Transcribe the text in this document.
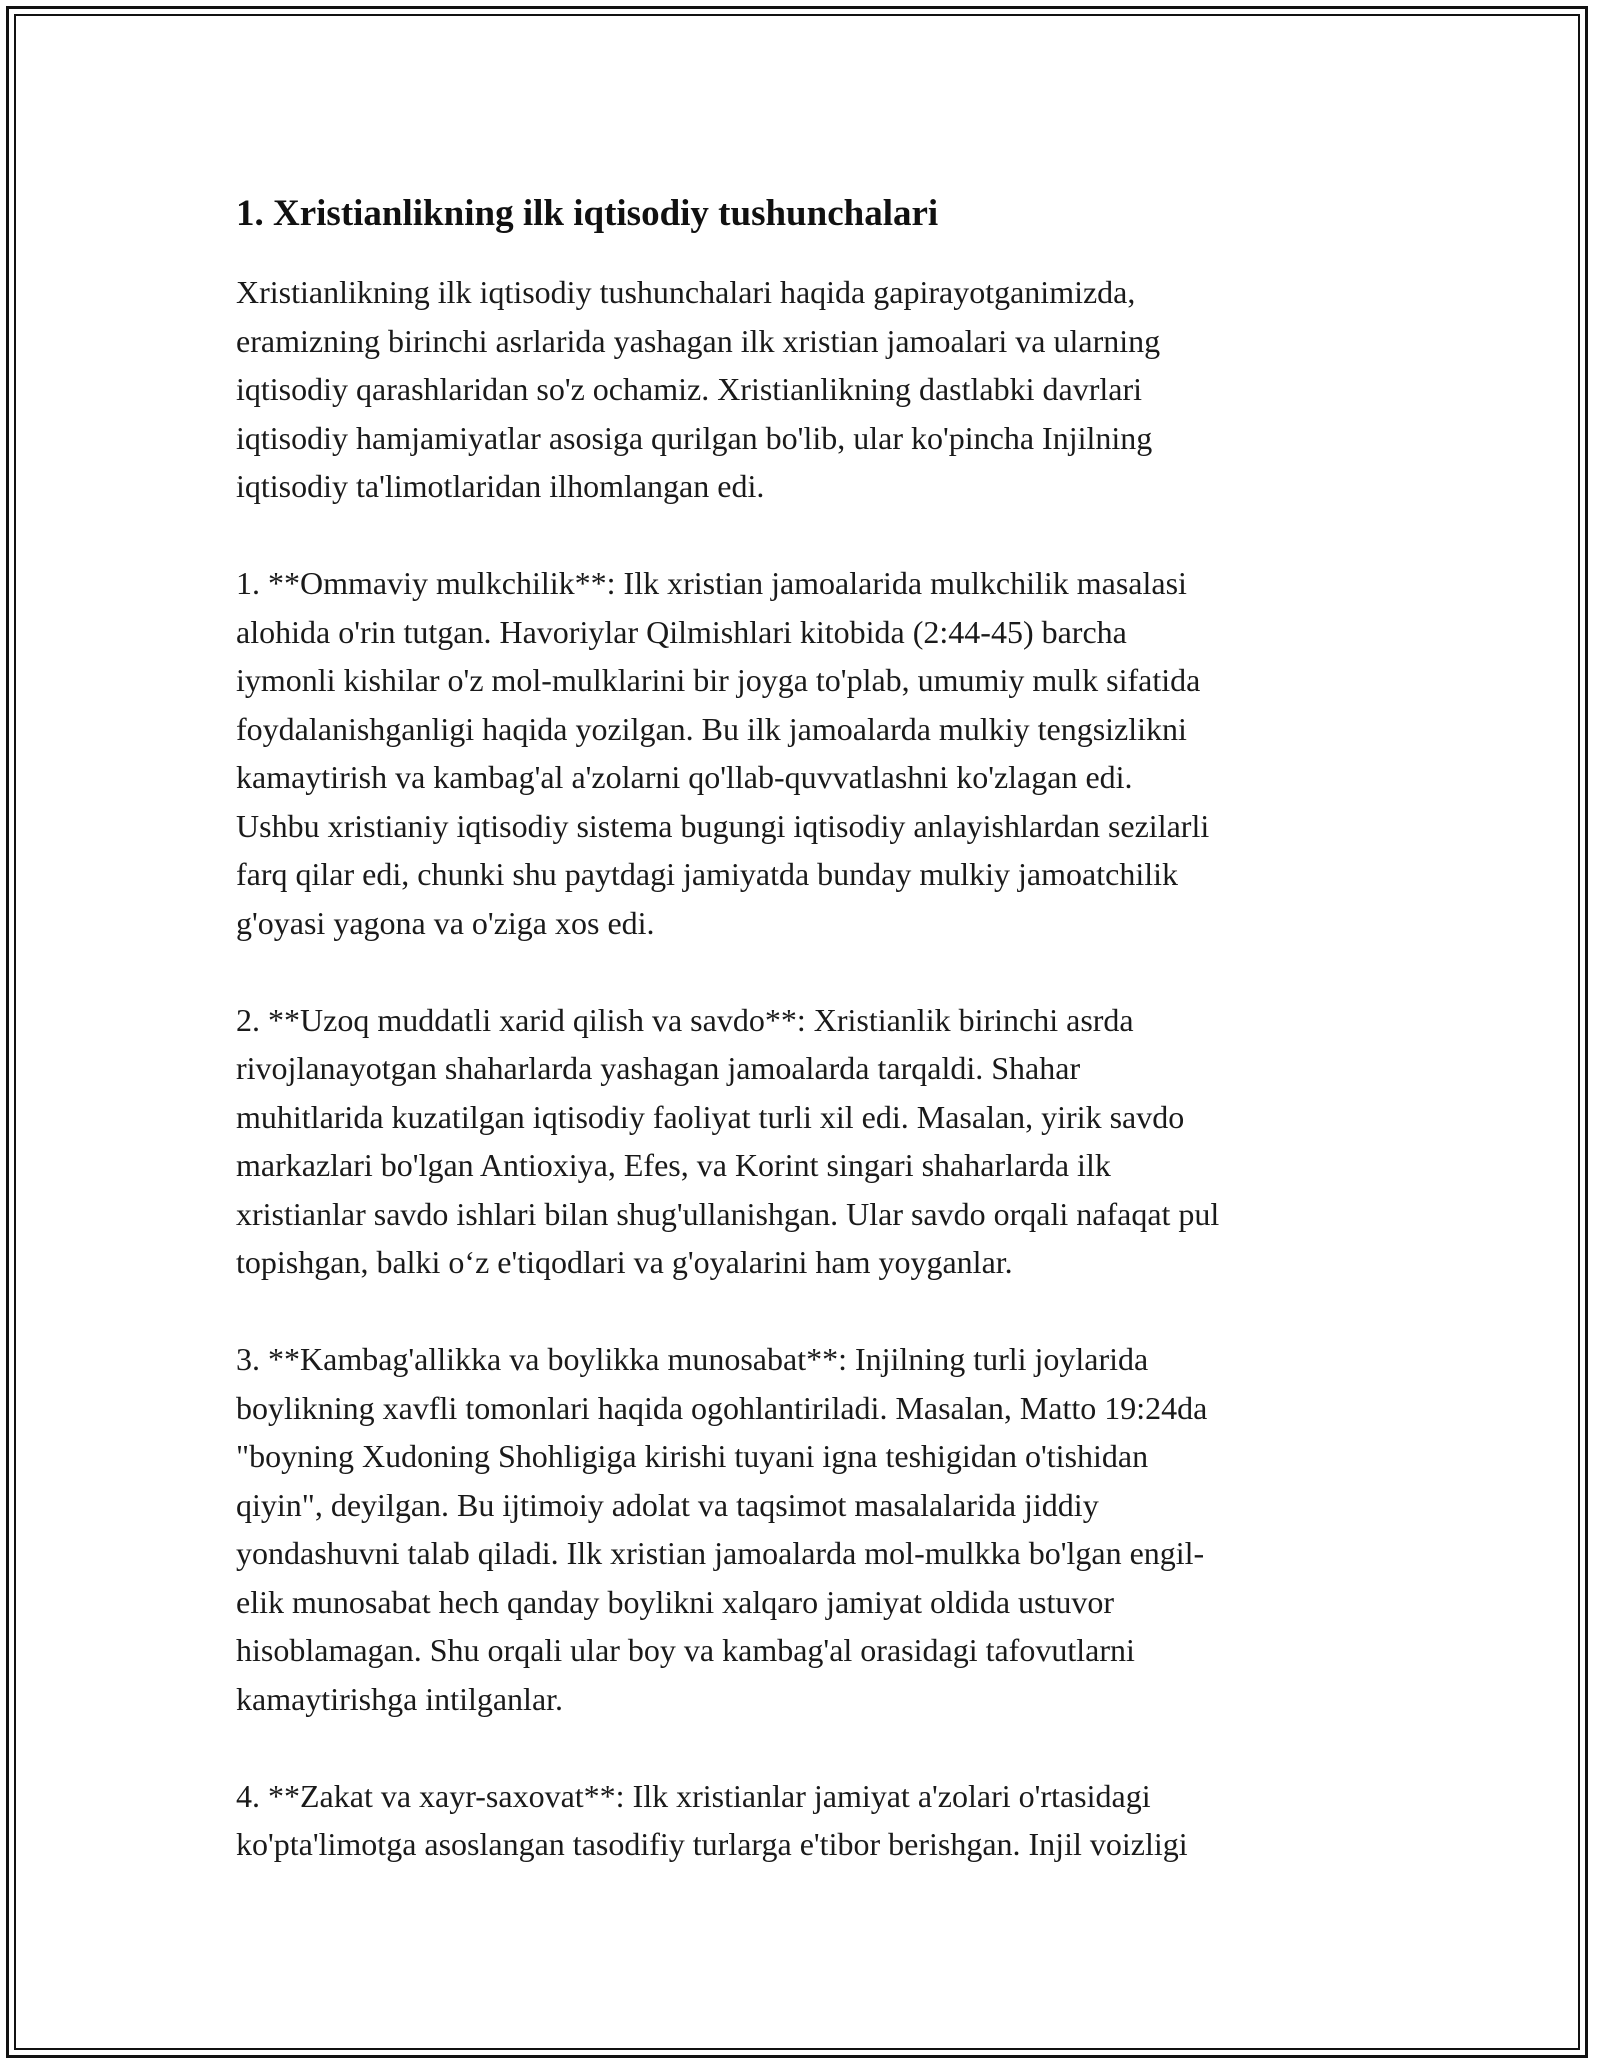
1. Xristianlikning ilk iqtisodiy tushunchalari

Xristianlikning ilk iqtisodiy tushunchalari haqida gapirayotganimizda,
eramizning birinchi asrlarida yashagan ilk xristian jamoalari va ularning
iqtisodiy qarashlaridan so'z ochamiz. Xristianlikning dastlabki davrlari
iqtisodiy hamjamiyatlar asosiga qurilgan bo'lib, ular ko'pincha Injilning
iqtisodiy ta'limotlaridan ilhomlangan edi.

1. **Ommaviy mulkchilik**: Ilk xristian jamoalarida mulkchilik masalasi
alohida o'rin tutgan. Havoriylar Qilmishlari kitobida (2:44-45) barcha
iymonli kishilar o'z mol-mulklarini bir joyga to'plab, umumiy mulk sifatida
foydalanishganligi haqida yozilgan. Bu ilk jamoalarda mulkiy tengsizlikni
kamaytirish va kambag'al a'zolarni qo'llab-quvvatlashni ko'zlagan edi.
Ushbu xristianiy iqtisodiy sistema bugungi iqtisodiy anlayishlardan sezilarli
farq qilar edi, chunki shu paytdagi jamiyatda bunday mulkiy jamoatchilik
g'oyasi yagona va o'ziga xos edi.

2. **Uzoq muddatli xarid qilish va savdo**: Xristianlik birinchi asrda
rivojlanayotgan shaharlarda yashagan jamoalarda tarqaldi. Shahar
muhitlarida kuzatilgan iqtisodiy faoliyat turli xil edi. Masalan, yirik savdo
markazlari bo'lgan Antioxiya, Efes, va Korint singari shaharlarda ilk
xristianlar savdo ishlari bilan shug'ullanishgan. Ular savdo orqali nafaqat pul
topishgan, balki o‘z e'tiqodlari va g'oyalarini ham yoyganlar.

3. **Kambag'allikka va boylikka munosabat**: Injilning turli joylarida
boylikning xavfli tomonlari haqida ogohlantiriladi. Masalan, Matto 19:24da
"boyning Xudoning Shohligiga kirishi tuyani igna teshigidan o'tishidan
qiyin", deyilgan. Bu ijtimoiy adolat va taqsimot masalalarida jiddiy
yondashuvni talab qiladi. Ilk xristian jamoalarda mol-mulkka bo'lgan engil-
elik munosabat hech qanday boylikni xalqaro jamiyat oldida ustuvor
hisoblamagan. Shu orqali ular boy va kambag'al orasidagi tafovutlarni
kamaytirishga intilganlar.

4. **Zakat va xayr-saxovat**: Ilk xristianlar jamiyat a'zolari o'rtasidagi
ko'pta'limotga asoslangan tasodifiy turlarga e'tibor berishgan. Injil voizligi
